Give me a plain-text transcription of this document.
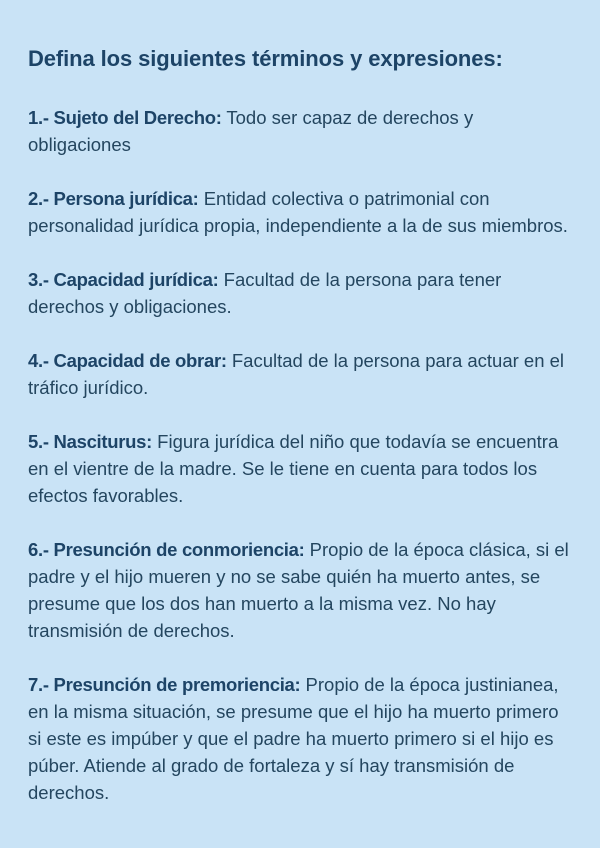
Defina los siguientes términos y expresiones:

1.- Sujeto del Derecho: Todo ser capaz de derechos y obligaciones

2.- Persona jurídica: Entidad colectiva o patrimonial con personalidad jurídica propia, independiente a la de sus miembros.

3.- Capacidad jurídica: Facultad de la persona para tener derechos y obligaciones.

4.- Capacidad de obrar: Facultad de la persona para actuar en el tráfico jurídico.

5.- Nasciturus: Figura jurídica del niño que todavía se encuentra en el vientre de la madre. Se le tiene en cuenta para todos los efectos favorables.

6.- Presunción de conmoriencia: Propio de la época clásica, si el padre y el hijo mueren y no se sabe quién ha muerto antes, se presume que los dos han muerto a la misma vez. No hay transmisión de derechos.

7.- Presunción de premoriencia: Propio de la época justinianea, en la misma situación, se presume que el hijo ha muerto primero si este es impúber y que el padre ha muerto primero si el hijo es púber. Atiende al grado de fortaleza y sí hay transmisión de derechos.
